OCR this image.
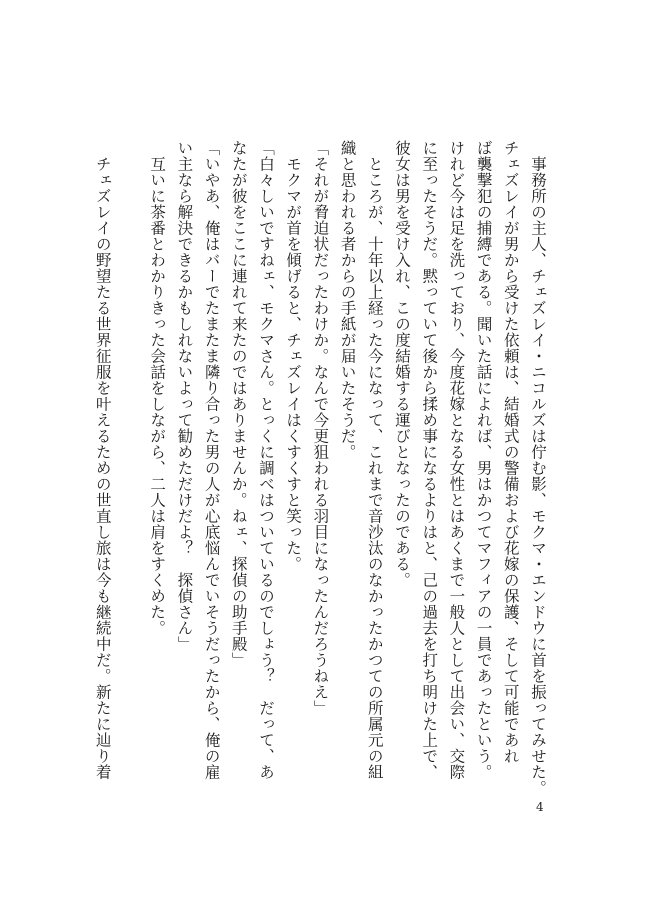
　事務所の主人、チェズレイ・ニコルズは佇む影、モクマ・エンドウに首を振ってみせた。

チェズレイが男から受けた依頼は、結婚式の警備および花嫁の保護、そして可能であれ

ば襲撃犯の捕縛である。聞いた話によれば、男はかつてマフィアの一員であったという。

けれど今は足を洗っており、今度花嫁となる女性とはあくまで一般人として出会い、交際

に至ったそうだ。黙っていて後から揉め事になるよりはと、己の過去を打ち明けた上で、

彼女は男を受け入れ、この度結婚する運びとなったのである。

　ところが、十年以上経った今になって、これまで音沙汰のなかったかつての所属元の組

織と思われる者からの手紙が届いたそうだ。

「それが脅迫状だったわけか。なんで今更狙われる羽目になったんだろうねえ」

　モクマが首を傾げると、チェズレイはくすくすと笑った。

「白々しいですねェ、モクマさん。とっくに調べはついているのでしょう？　だって、あ

なたが彼をここに連れて来たのではありませんか。ねェ、探偵の助手殿」

「いやあ、俺はバーでたまたま隣り合った男の人が心底悩んでいそうだったから、俺の雇

い主なら解決できるかもしれないよって勧めただけだよ？　探偵さん」

　互いに茶番とわかりきった会話をしながら、二人は肩をすくめた。

　チェズレイの野望たる世界征服を叶えるための世直し旅は今も継続中だ。新たに辿り着

4
